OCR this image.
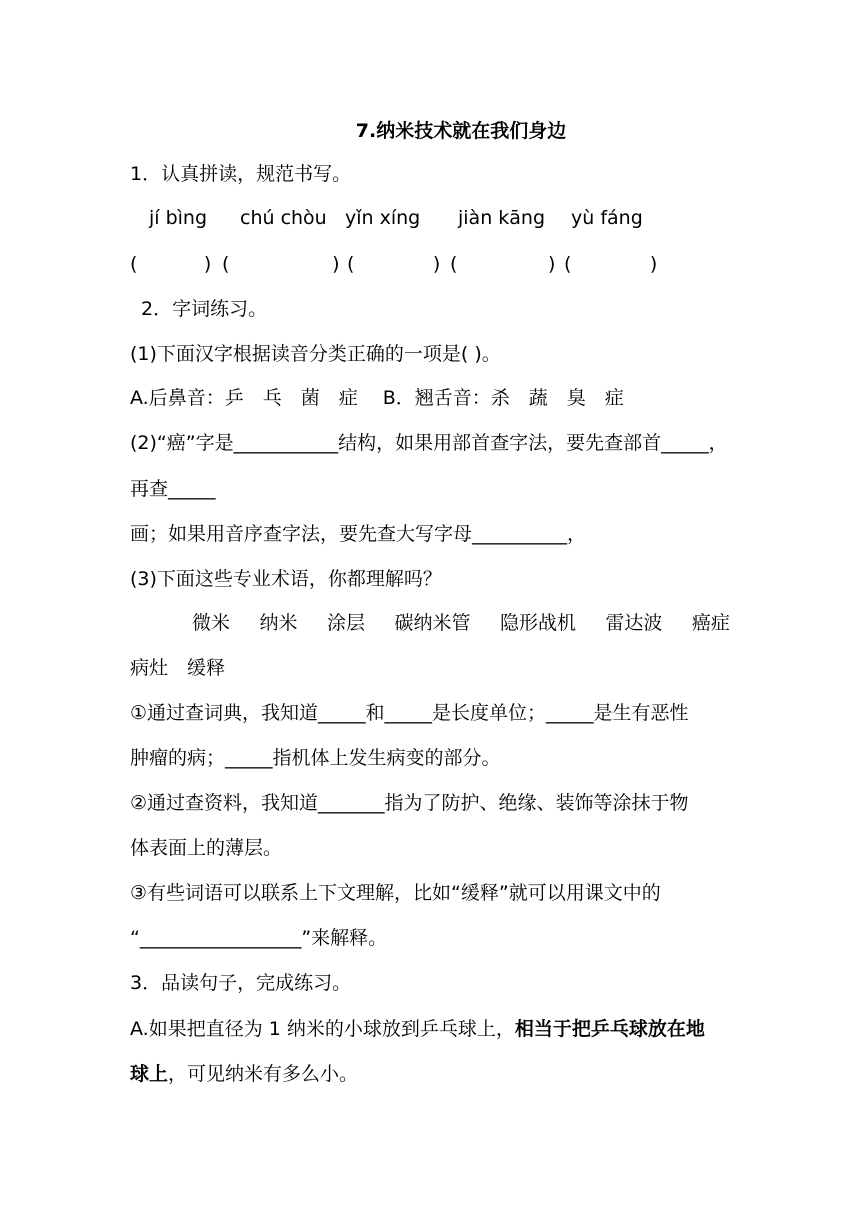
7.纳米技术就在我们身边
1．认真拼读，规范书写。
jí bìng chú chòu yǐn xíng jiàn kāng yù fáng
(           ) (                 ) (             ) (               ) (             )
2．字词练习。
(1)下面汉字根据读音分类正确的一项是( )。
A.后鼻音：乒　乓　菌　症　 B．翘舌音：杀　蔬　臭　症
(2)“癌”字是___________结构，如果用部首查字法，要先查部首_____，
再查_____
画；如果用音序查字法，要先查大写字母__________，
(3)下面这些专业术语，你都理解吗？
微米 纳米 涂层 碳纳米管 隐形战机 雷达波 癌症
病灶　缓释
①通过查词典，我知道_____和_____是长度单位；_____是生有恶性
肿瘤的病；_____指机体上发生病变的部分。
②通过查资料，我知道_______指为了防护、绝缘、装饰等涂抹于物
体表面上的薄层。
③有些词语可以联系上下文理解，比如“缓释”就可以用课文中的
“_________________”来解释。
3．品读句子，完成练习。
A.如果把直径为 1 纳米的小球放到乒乓球上，相当于把乒乓球放在地
球上，可见纳米有多么小。
